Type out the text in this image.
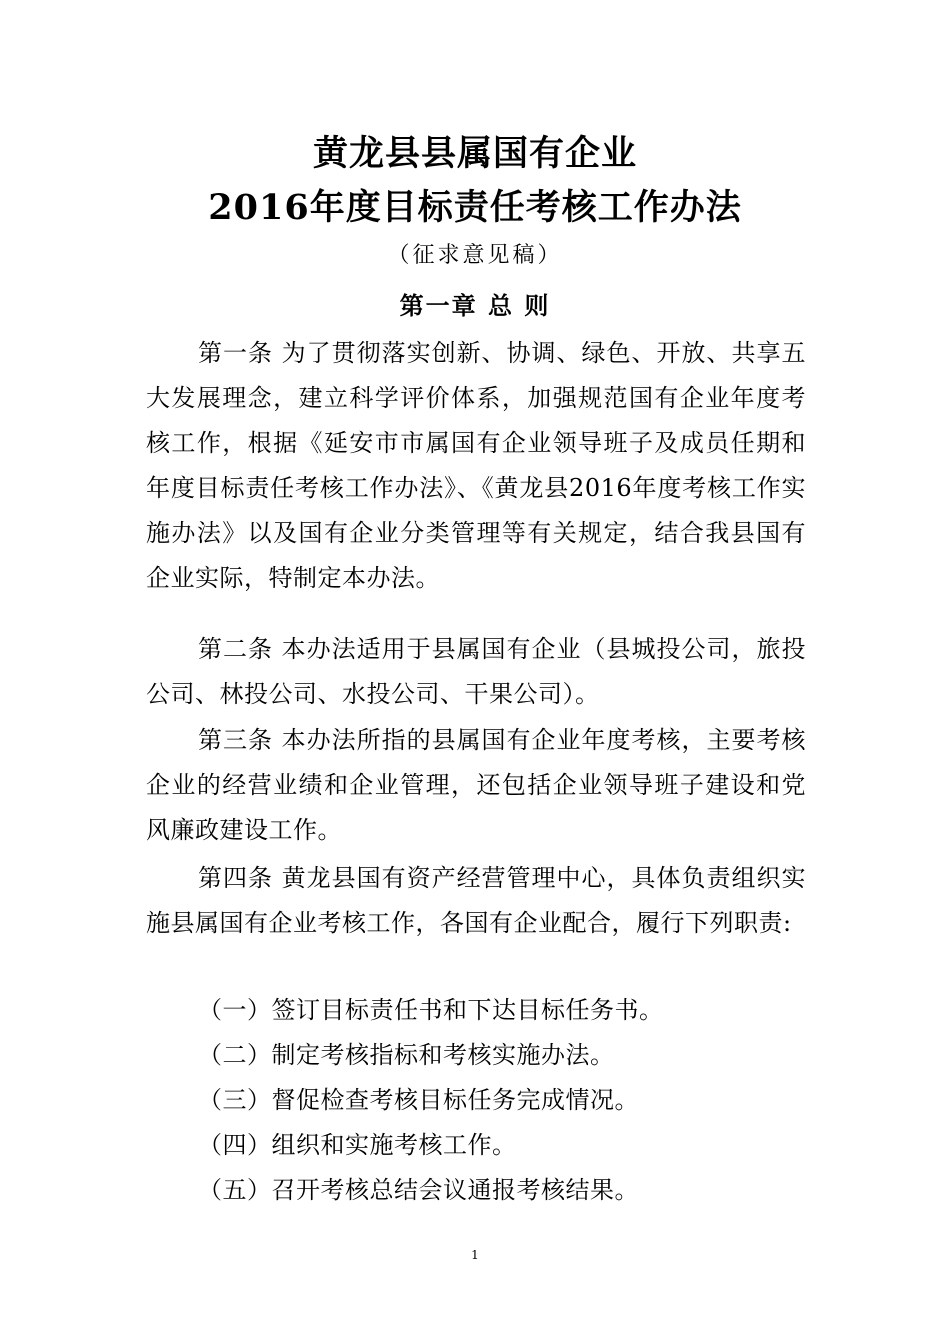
黄龙县县属国有企业
2016年度目标责任考核工作办法
（征求意见稿）
第一章 总 则
第一条 为了贯彻落实创新、协调、绿色、开放、共享五大发展理念，建立科学评价体系，加强规范国有企业年度考核工作，根据《延安市市属国有企业领导班子及成员任期和年度目标责任考核工作办法》、《黄龙县2016年度考核工作实施办法》以及国有企业分类管理等有关规定，结合我县国有企业实际，特制定本办法。
第二条 本办法适用于县属国有企业（县城投公司，旅投公司、林投公司、水投公司、干果公司）。
第三条 本办法所指的县属国有企业年度考核，主要考核企业的经营业绩和企业管理，还包括企业领导班子建设和党风廉政建设工作。
第四条 黄龙县国有资产经营管理中心，具体负责组织实施县属国有企业考核工作，各国有企业配合，履行下列职责:
（一）签订目标责任书和下达目标任务书。
（二）制定考核指标和考核实施办法。
（三）督促检查考核目标任务完成情况。
（四）组织和实施考核工作。
（五）召开考核总结会议通报考核结果。
1
